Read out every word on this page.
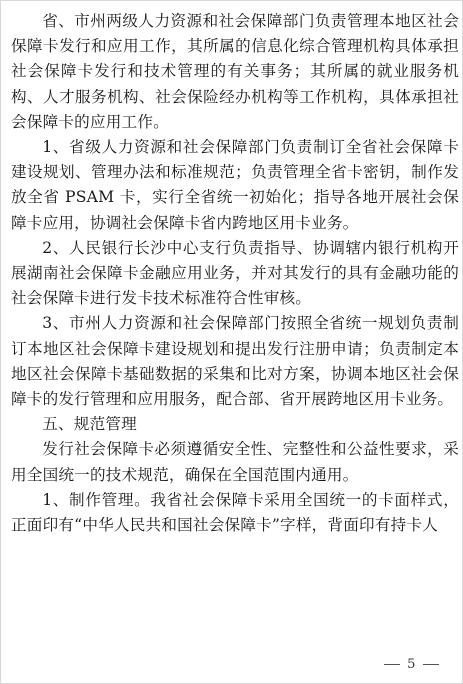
省、市州两级人力资源和社会保障部门负责管理本地区社会保障卡发行和应用工作，其所属的信息化综合管理机构具体承担社会保障卡发行和技术管理的有关事务；其所属的就业服务机构、人才服务机构、社会保险经办机构等工作机构，具体承担社会保障卡的应用工作。

1、省级人力资源和社会保障部门负责制订全省社会保障卡建设规划、管理办法和标准规范；负责管理全省卡密钥，制作发放全省 PSAM 卡，实行全省统一初始化；指导各地开展社会保障卡应用，协调社会保障卡省内跨地区用卡业务。

2、人民银行长沙中心支行负责指导、协调辖内银行机构开展湖南社会保障卡金融应用业务，并对其发行的具有金融功能的社会保障卡进行发卡技术标准符合性审核。

3、市州人力资源和社会保障部门按照全省统一规划负责制订本地区社会保障卡建设规划和提出发行注册申请；负责制定本地区社会保障卡基础数据的采集和比对方案，协调本地区社会保障卡的发行管理和应用服务，配合部、省开展跨地区用卡业务。

五、规范管理

发行社会保障卡必须遵循安全性、完整性和公益性要求，采用全国统一的技术规范，确保在全国范围内通用。

1、制作管理。我省社会保障卡采用全国统一的卡面样式，正面印有“中华人民共和国社会保障卡”字样，背面印有持卡人

5
